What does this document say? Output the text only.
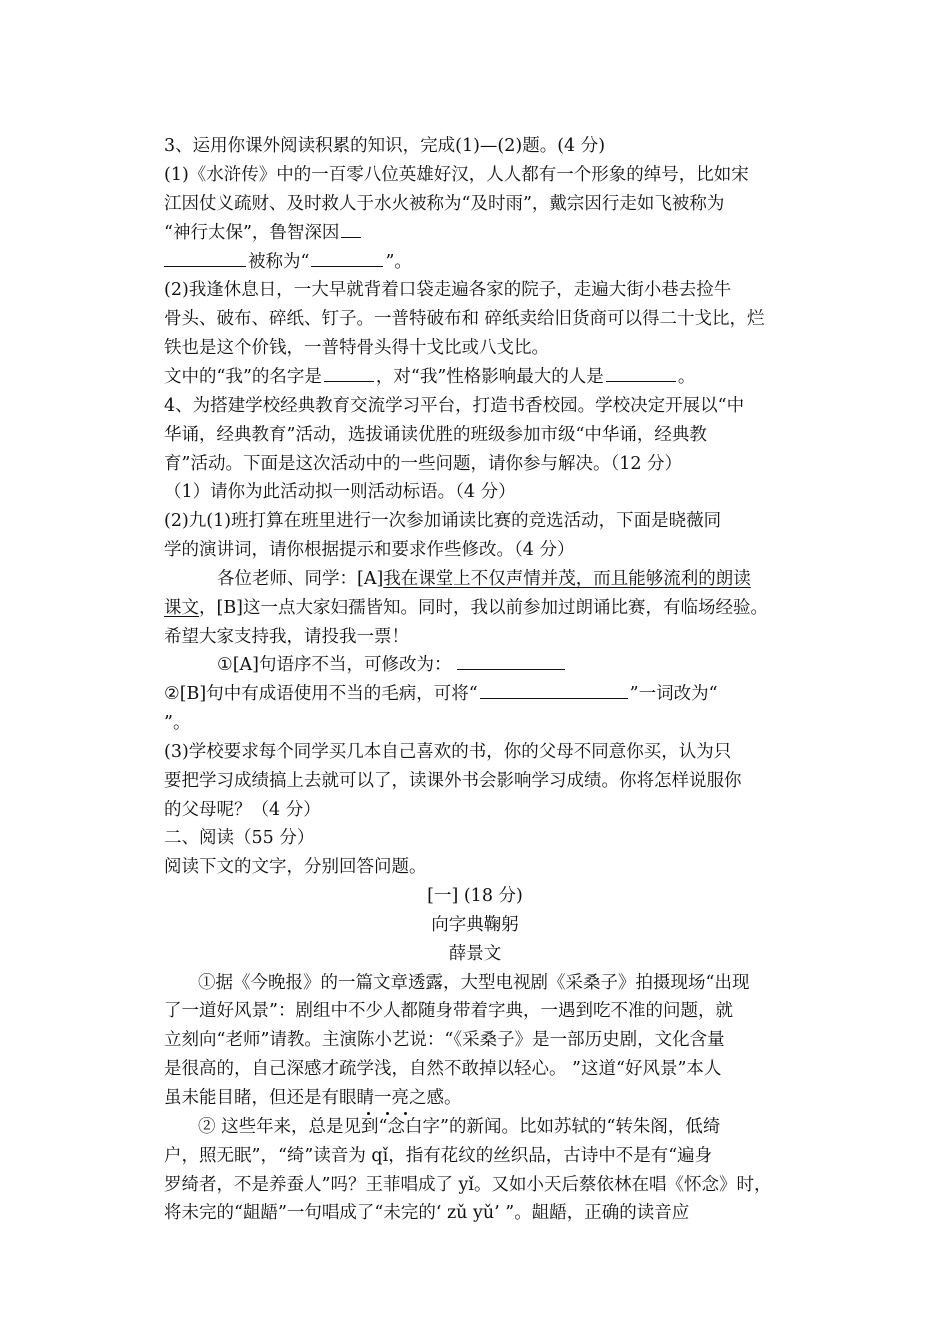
3、运用你课外阅读积累的知识，完成(1)—(2)题。(4 分)
(1)《水浒传》中的一百零八位英雄好汉，人人都有一个形象的绰号，比如宋
江因仗义疏财、及时救人于水火被称为“及时雨”，戴宗因行走如飞被称为
“神行太保”，鲁智深因
被称为“	”。
(2)我逢休息日，一大早就背着口袋走遍各家的院子，走遍大街小巷去捡牛
骨头、破布、碎纸、钉子。一普特破布和 碎纸卖给旧货商可以得二十戈比，烂
铁也是这个价钱，一普特骨头得十戈比或八戈比。
文中的“我”的名字是	，对“我”性格影响最大的人是	。
4、为搭建学校经典教育交流学习平台，打造书香校园。学校决定开展以“中
华诵，经典教育”活动，选拔诵读优胜的班级参加市级“中华诵，经典教
育”活动。下面是这次活动中的一些问题，请你参与解决。（12 分）
（1）请你为此活动拟一则活动标语。（4 分）
(2)九(1)班打算在班里进行一次参加诵读比赛的竞选活动，下面是晓薇同
学的演讲词，请你根据提示和要求作些修改。（4 分）
各位老师、同学：[A]我在课堂上不仅声情并茂，而且能够流利的朗读
课文，[B]这一点大家妇孺皆知。同时，我以前参加过朗诵比赛，有临场经验。
希望大家支持我，请投我一票！
①[A]句语序不当，可修改为：
②[B]句中有成语使用不当的毛病，可将“	”一词改为“
”。
(3)学校要求每个同学买几本自己喜欢的书，你的父母不同意你买，认为只
要把学习成绩搞上去就可以了，读课外书会影响学习成绩。你将怎样说服你
的父母呢？（4 分）
二、阅读（55 分）
阅读下文的文字，分别回答问题。
[一] (18 分)
向字典鞠躬
薛景文
①据《今晚报》的一篇文章透露，大型电视剧《采桑子》拍摄现场“出现
了一道好风景”：剧组中不少人都随身带着字典，一遇到吃不准的问题，就
立刻向“老师”请教。主演陈小艺说：“《采桑子》是一部历史剧，文化含量
是很高的，自己深感才疏学浅，自然不敢掉以轻心。 ”这道“好风景”本人
虽未能目睹，但还是有眼睛一亮之感。
② 这些年来，总是见到“念白字”的新闻。比如苏轼的“转朱阁，低绮
户，照无眠”，“绮”读音为 qǐ，指有花纹的丝织品，古诗中不是有“遍身
罗绮者，不是养蚕人”吗？王菲唱成了 yǐ。又如小天后蔡依林在唱《怀念》时，
将未完的“龃龉”一句唱成了“未完的‘ zǔ yǔ’ ”。龃龉，正确的读音应
